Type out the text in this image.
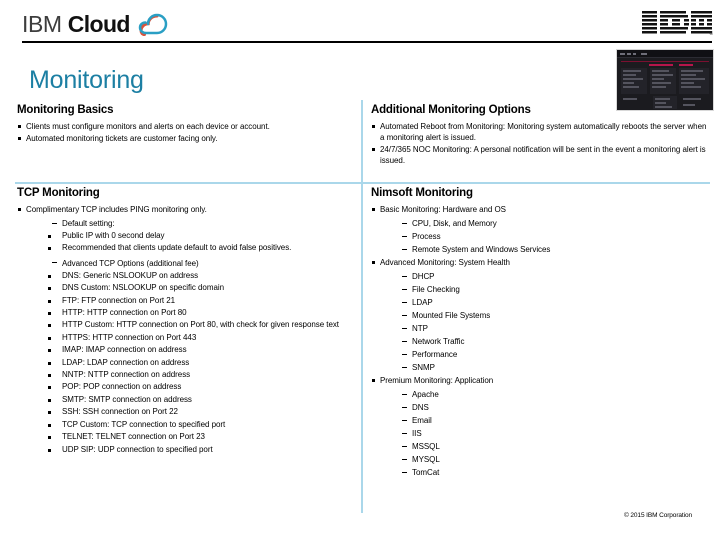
IBM Cloud	®
Monitoring
Monitoring Basics
Clients must configure monitors and alerts on each device or account.
Automated monitoring tickets are customer facing only.
Additional Monitoring Options
Automated Reboot from Monitoring: Monitoring system automatically reboots the server when a monitoring alert is issued.
24/7/365 NOC Monitoring: A personal notification will be sent in the event a monitoring alert is issued.
TCP Monitoring
Complimentary TCP includes PING monitoring only.
Default setting:
Public IP with 0 second delay
Recommended that clients update default to avoid false positives.
Advanced TCP Options (additional fee)
DNS: Generic NSLOOKUP on address
DNS Custom: NSLOOKUP on specific domain
FTP: FTP connection on Port 21
HTTP: HTTP connection on Port 80
HTTP Custom: HTTP connection on Port 80, with check for given response text
HTTPS: HTTP connection on Port 443
IMAP: IMAP connection on address
LDAP: LDAP connection on address
NNTP: NTTP connection on address
POP: POP connection on address
SMTP: SMTP connection on address
SSH: SSH connection on Port 22
TCP Custom: TCP connection to specified port
TELNET: TELNET connection on Port 23
UDP SIP: UDP connection to specified port
Nimsoft Monitoring
Basic Monitoring: Hardware and OS
CPU, Disk, and Memory
Process
Remote System and Windows Services
Advanced Monitoring: System Health
DHCP
File Checking
LDAP
Mounted File Systems
NTP
Network Traffic
Performance
SNMP
Premium Monitoring: Application
Apache
DNS
Email
IIS
MSSQL
MYSQL
TomCat
© 2015 IBM Corporation
